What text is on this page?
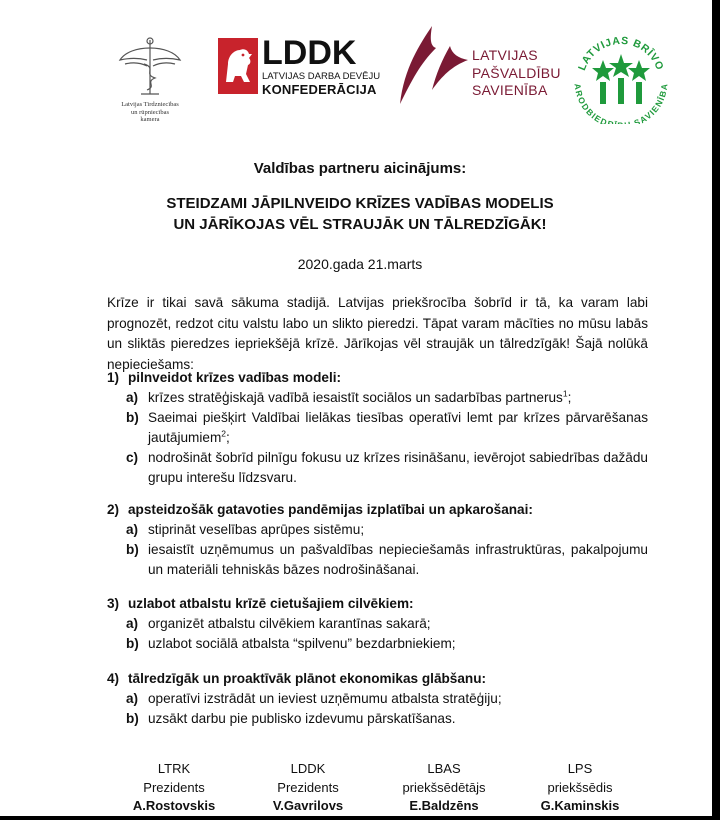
Latvijas Tirdzniecības
un rūpniecības
kamera
LDDK
LATVIJAS DARBA DEVĒJU
KONFEDERĀCIJA
LATVIJAS
PAŠVALDĪBU
SAVIENĪBA
LATVIJAS BRĪVO
ARODBIED SAVIENĪBA
Valdības partneru aicinājums:
STEIDZAMI JĀPILNVEIDO KRĪZES VADĪBAS MODELIS
UN JĀRĪKOJAS VĒL STRAUJĀK UN TĀLREDZĪGĀK!
2020.gada 21.marts
Krīze ir tikai savā sākuma stadijā. Latvijas priekšrocība šobrīd ir tā, ka varam labi prognozēt, redzot citu valstu labo un slikto pieredzi. Tāpat varam mācīties no mūsu labās un sliktās pieredzes iepriekšējā krīzē. Jārīkojas vēl straujāk un tālredzīgāk! Šajā nolūkā nepieciešams:
1) pilnveidot krīzes vadības modeli:
a) krīzes stratēģiskajā vadībā iesaistīt sociālos un sadarbības partnerus$^1$;
b) Saeimai piešķirt Valdībai lielākas tiesības operatīvi lemt par krīzes pārvarēšanas jautājumiem$^2$;
c) nodrošināt šobrīd pilnīgu fokusu uz krīzes risināšanu, ievērojot sabiedrības dažādu grupu interešu līdzsvaru.
2) apsteidzošāk gatavoties pandēmijas izplatībai un apkarošanai:
a) stiprināt veselības aprūpes sistēmu;
b) iesaistīt uzņēmumus un pašvaldības nepieciešamās infrastruktūras, pakalpojumu un materiāli tehniskās bāzes nodrošināšanai.
3) uzlabot atbalstu krīzē cietušajiem cilvēkiem:
a) organizēt atbalstu cilvēkiem karantīnas sakarā;
b) uzlabot sociālā atbalsta “spilvenu” bezdarbniekiem;
4) tālredzīgāk un proaktīvāk plānot ekonomikas glābšanu:
a) operatīvi izstrādāt un ieviest uzņēmumu atbalsta stratēģiju;
b) uzsākt darbu pie publisko izdevumu pārskatīšanas.
LTRK
Prezidents
A.Rostovskis
LDDK
Prezidents
V.Gavrilovs
LBAS
priekšsēdētājs
E.Baldzēns
LPS
priekšsēdis
G.Kaminskis
